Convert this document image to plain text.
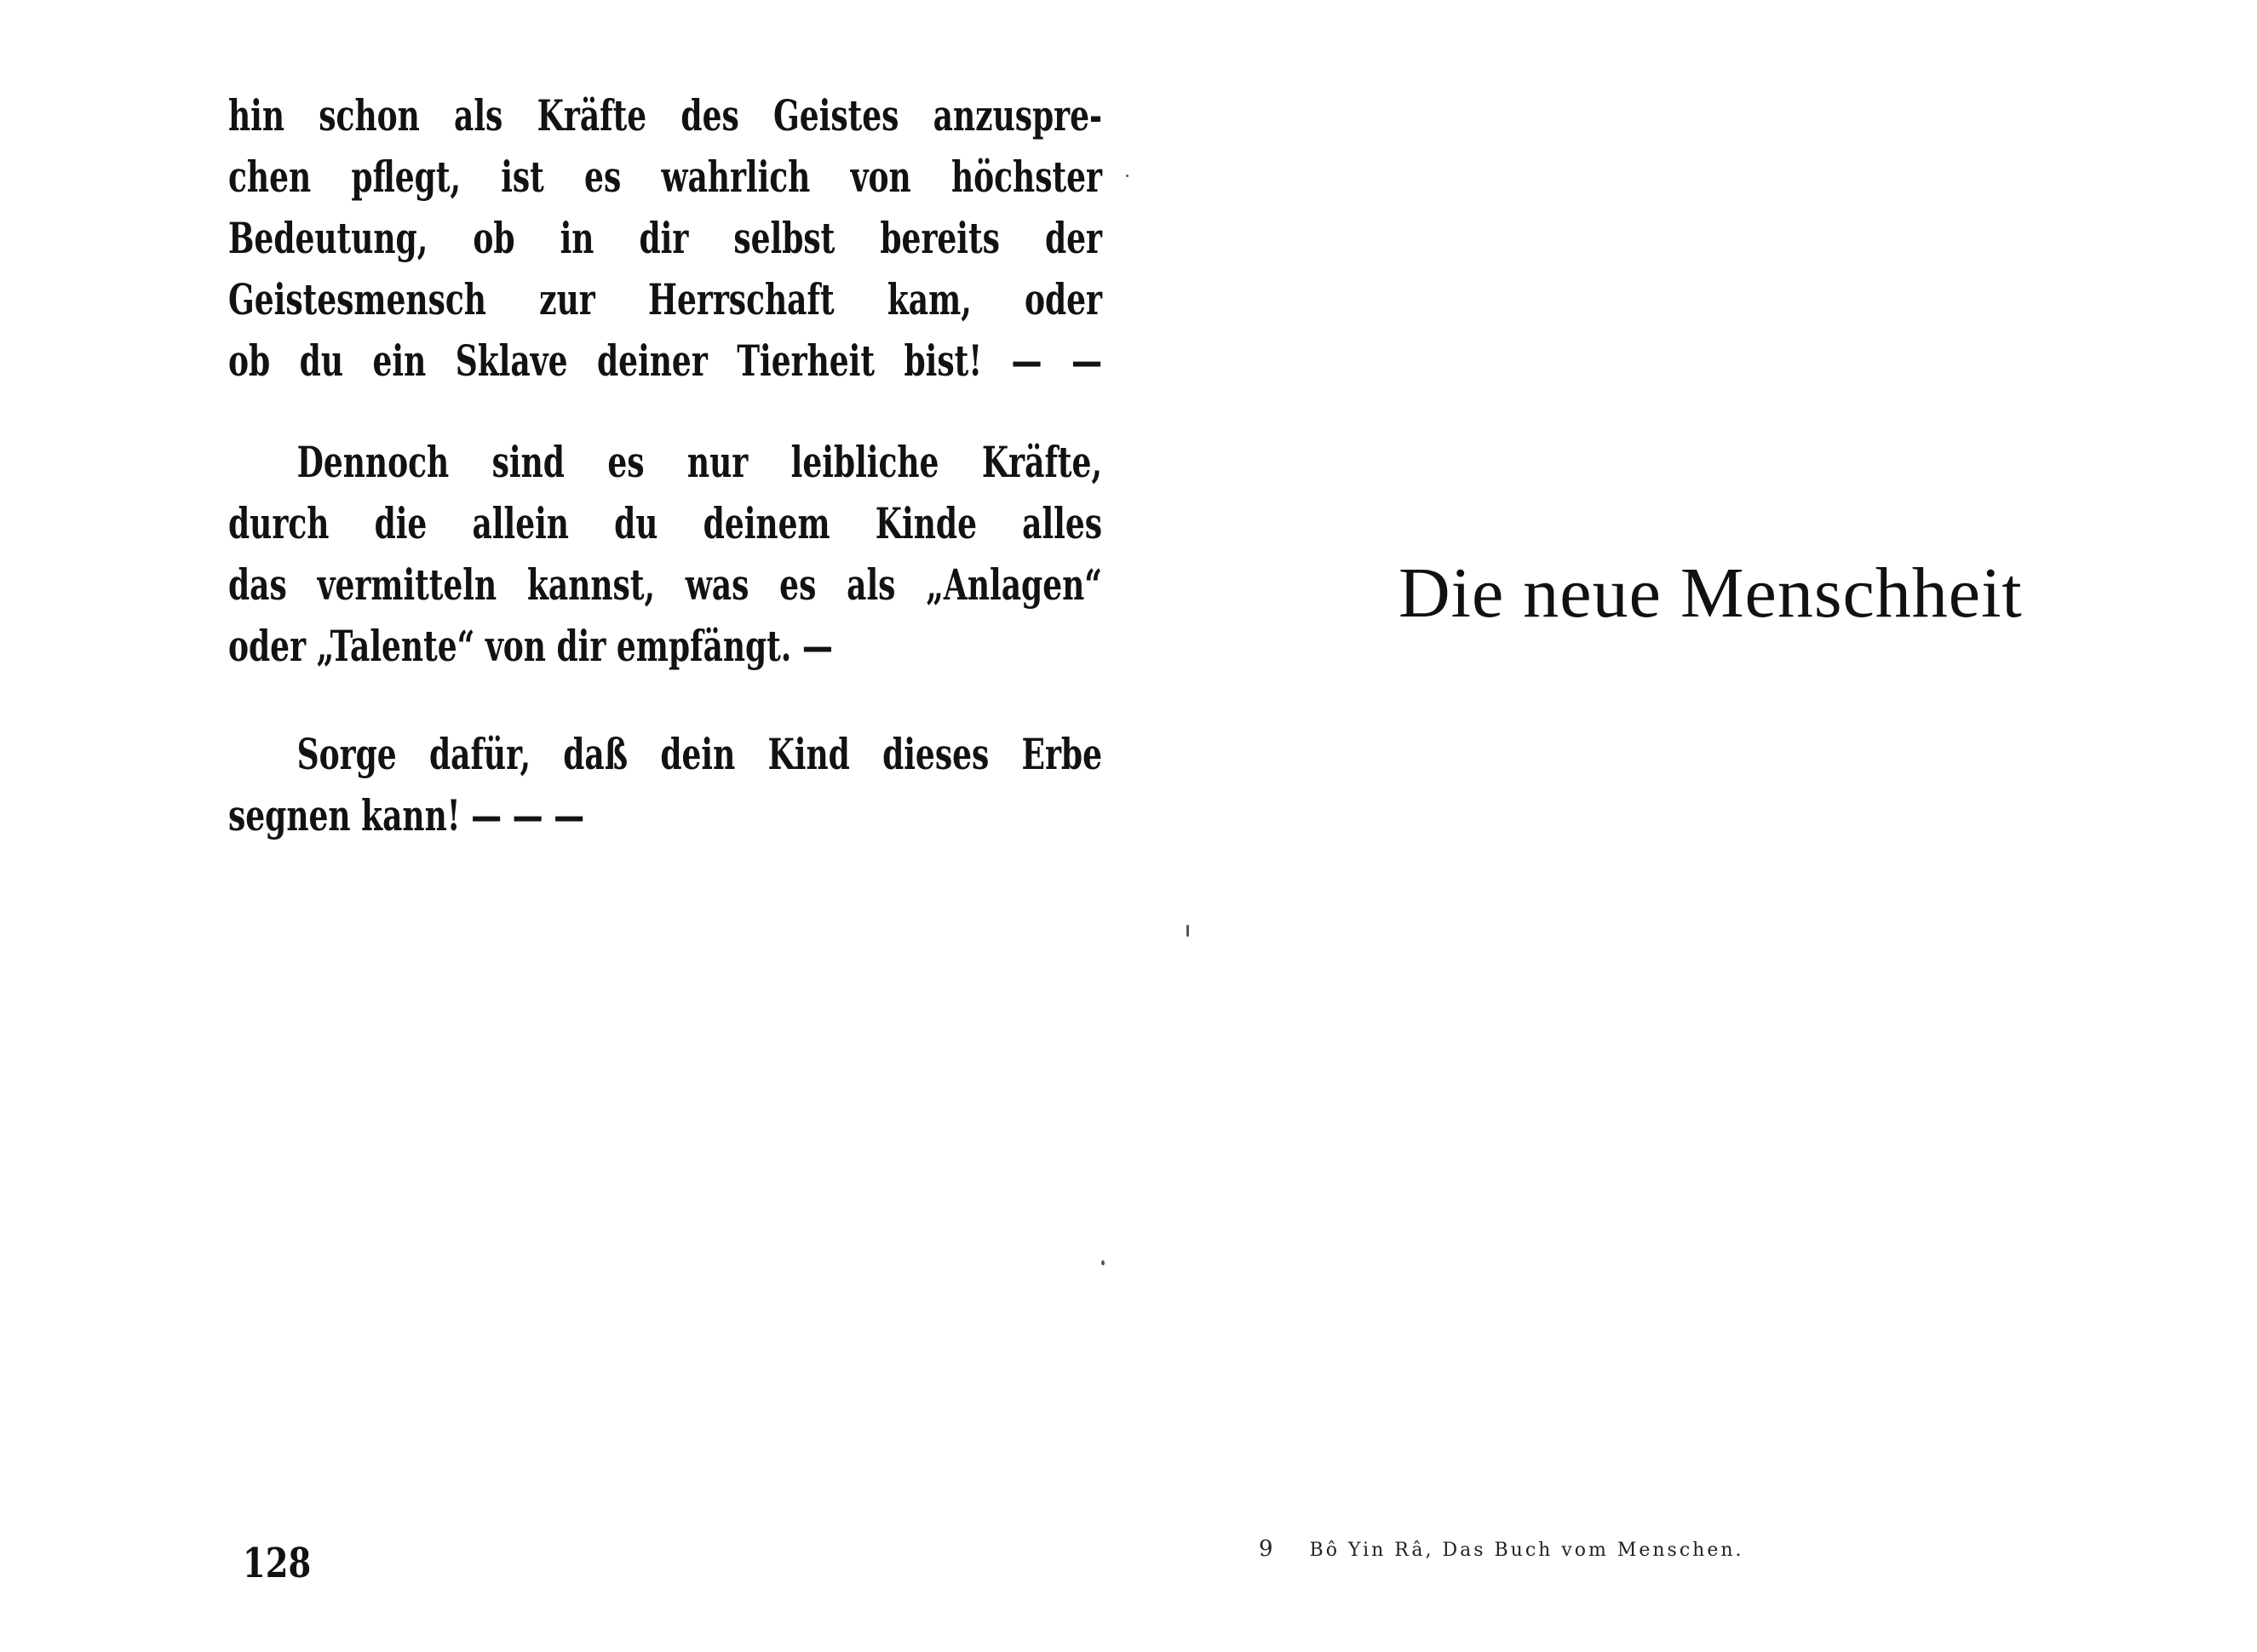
hin schon als Kräfte des Geistes anzuspre-
chen pflegt, ist es wahrlich von höchster
Bedeutung, ob in dir selbst bereits der
Geistesmensch zur Herrschaft kam, oder
ob du ein Sklave deiner Tierheit bist! — —
Dennoch sind es nur leibliche Kräfte,
durch die allein du deinem Kinde alles
das vermitteln kannst, was es als „Anlagen“
oder „Talente“ von dir empfängt. —
Sorge dafür, daß dein Kind dieses Erbe
segnen kann! — — —
128
Die neue Menschheit
9 Bô Yin Râ, Das Buch vom Menschen.
